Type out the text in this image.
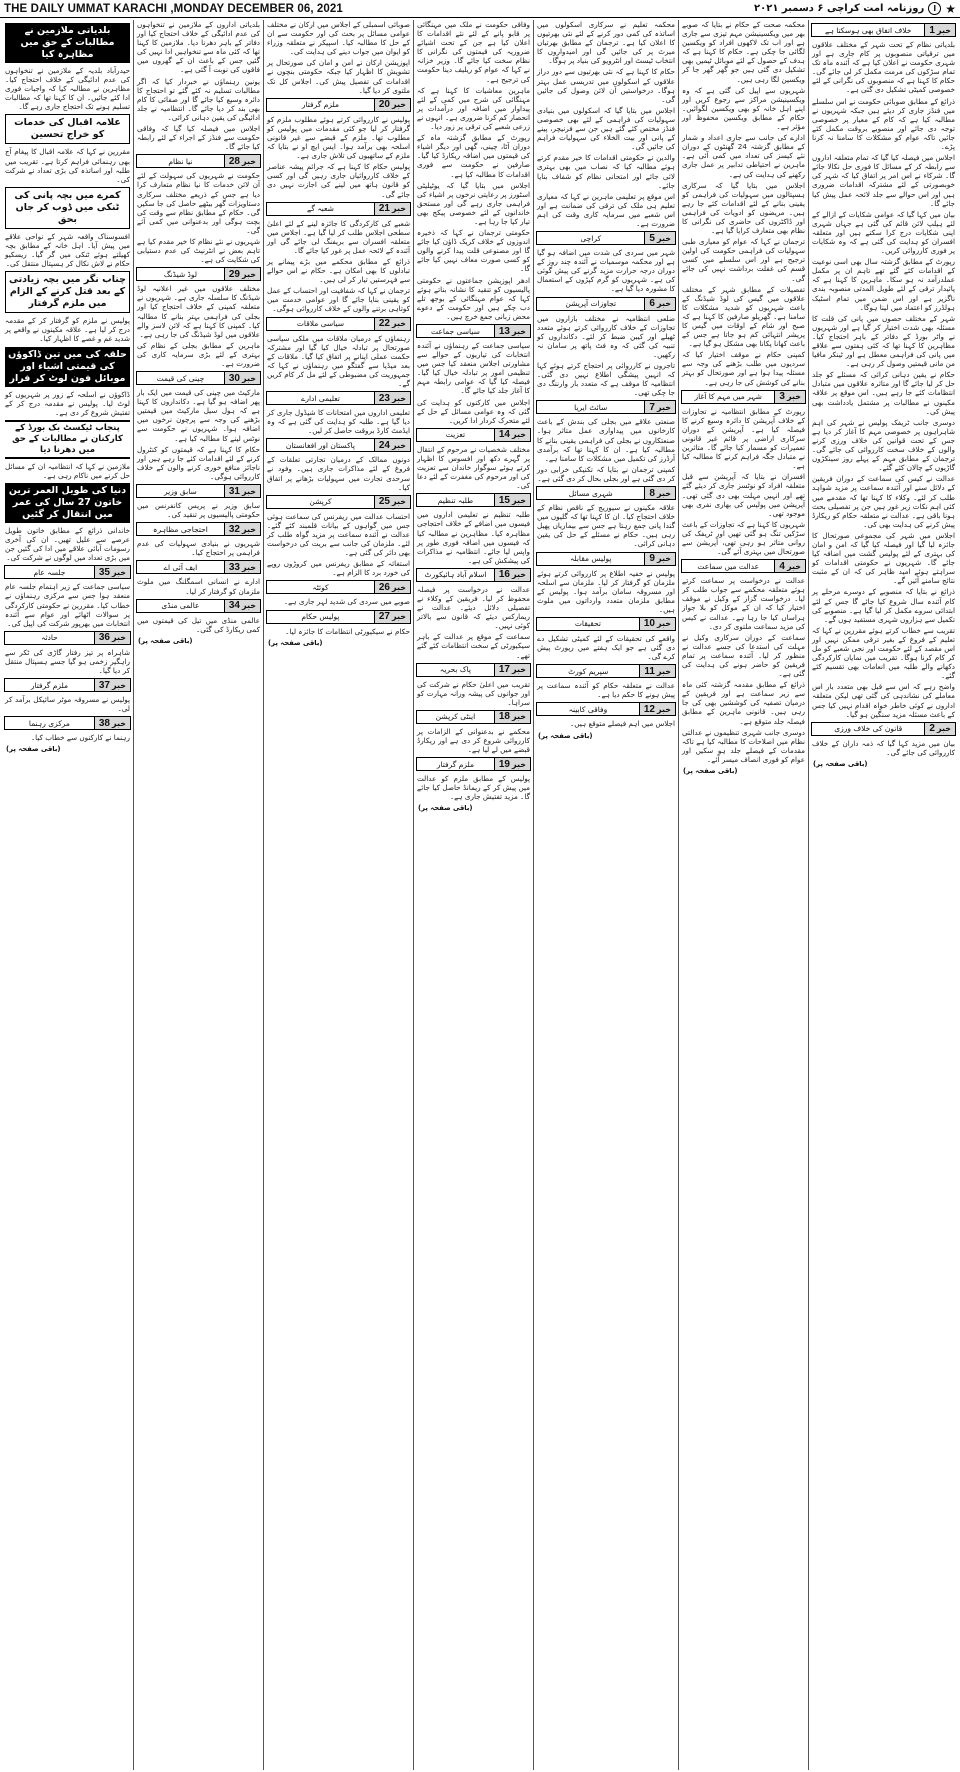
THE DAILY UMMAT KARACHI ,MONDAY DECEMBER 06, 2021	★
ا
روزنامہ امت کراچی ۶ دسمبر ۲۰۲۱
خبر
1
خلاف اتفاق بھی ہوسکتا ہے
بلدیاتی نظام کے تحت شہر کے مختلف علاقوں میں ترقیاتی منصوبوں پر کام جاری ہے اور شہری حکومت نے اعلان کیا ہے کہ آئندہ ماہ تک تمام سڑکوں کی مرمت مکمل کر لی جائے گی۔ حکام کا کہنا ہے کہ منصوبوں کی نگرانی کے لئے خصوصی کمیٹی تشکیل دی گئی ہے۔
ذرائع کے مطابق صوبائی حکومت نے اس سلسلے میں فنڈز جاری کر دیئے ہیں جبکہ شہریوں نے مطالبہ کیا ہے کہ کام کے معیار پر خصوصی توجہ دی جائے اور منصوبے بروقت مکمل کئے جائیں تاکہ عوام کو مشکلات کا سامنا نہ کرنا پڑے۔
اجلاس میں فیصلہ کیا گیا کہ تمام متعلقہ اداروں سے رابطہ کر کے مسائل کا فوری حل نکالا جائے گا۔ شرکاء نے اس امر پر اتفاق کیا کہ شہر کی خوبصورتی کے لئے مشترکہ اقدامات ضروری ہیں اور اس حوالے سے جلد لائحہ عمل پیش کیا جائے گا۔
بیان میں کہا گیا کہ عوامی شکایات کے ازالے کے لئے ہیلپ لائن قائم کی گئی ہے جہاں شہری اپنی شکایات درج کرا سکتے ہیں اور متعلقہ افسران کو ہدایت کی گئی ہے کہ وہ شکایات پر فوری کارروائی کریں۔
رپورٹ کے مطابق گزشتہ سال بھی اسی نوعیت کے اقدامات کئے گئے تھے تاہم ان پر مکمل عملدرآمد نہ ہو سکا۔ ماہرین کا کہنا ہے کہ پائیدار ترقی کے لئے طویل المدتی منصوبہ بندی ناگزیر ہے اور اس ضمن میں تمام اسٹیک ہولڈرز کو اعتماد میں لینا ہوگا۔
شہر کے مختلف حصوں میں پانی کی قلت کا مسئلہ بھی شدت اختیار کر گیا ہے اور شہریوں نے واٹر بورڈ کے دفاتر کے باہر احتجاج کیا۔ مظاہرین کا کہنا تھا کہ کئی ہفتوں سے علاقے میں پانی کی فراہمی معطل ہے اور ٹینکر مافیا من مانی قیمتیں وصول کر رہی ہے۔
حکام نے یقین دہانی کرائی کہ مسئلے کو جلد حل کر لیا جائے گا اور متاثرہ علاقوں میں متبادل انتظامات کئے جا رہے ہیں۔ اس موقع پر علاقہ مکینوں نے مطالبات پر مشتمل یادداشت بھی پیش کی۔
دوسری جانب ٹریفک پولیس نے شہر کی اہم شاہراہوں پر خصوصی مہم کا آغاز کر دیا ہے جس کے تحت قوانین کی خلاف ورزی کرنے والوں کے خلاف سخت کارروائی کی جائے گی۔ ترجمان کے مطابق مہم کے پہلے روز سینکڑوں گاڑیوں کے چالان کئے گئے۔
عدالت نے کیس کی سماعت کے دوران فریقین کے دلائل سنے اور آئندہ سماعت پر مزید شواہد طلب کر لئے۔ وکلاء کا کہنا تھا کہ مقدمے میں کئی اہم نکات زیر غور ہیں جن پر تفصیلی بحث ہونا باقی ہے۔ عدالت نے متعلقہ حکام کو ریکارڈ پیش کرنے کی ہدایت بھی کی۔
اجلاس میں شہر کی مجموعی صورتحال کا جائزہ لیا گیا اور فیصلہ کیا گیا کہ امن و امان کی بہتری کے لئے پولیس گشت میں اضافہ کیا جائے گا۔ شہریوں نے حکومتی اقدامات کو سراہتے ہوئے امید ظاہر کی کہ ان کے مثبت نتائج سامنے آئیں گے۔
ذرائع نے بتایا کہ منصوبے کے دوسرے مرحلے پر کام آئندہ سال شروع کیا جائے گا جس کے لئے ابتدائی سروے مکمل کر لیا گیا ہے۔ منصوبے کی تکمیل سے ہزاروں شہری مستفید ہوں گے۔
تقریب سے خطاب کرتے ہوئے مقررین نے کہا کہ تعلیم کے فروغ کے بغیر ترقی ممکن نہیں اور اس مقصد کے لئے حکومت اور نجی شعبے کو مل کر کام کرنا ہوگا۔ تقریب میں نمایاں کارکردگی دکھانے والے طلبہ میں انعامات بھی تقسیم کئے گئے۔
واضح رہے کہ اس سے قبل بھی متعدد بار اس معاملے کی نشاندہی کی گئی تھی لیکن متعلقہ اداروں نے کوئی خاطر خواہ اقدام نہیں کیا جس کے باعث مسئلہ مزید سنگین ہو گیا۔
خبر
2
قانون کی خلاف ورزی
بیان میں مزید کہا گیا کہ ذمہ داران کے خلاف کارروائی کی جائے گی۔
(باقی صفحہ پر)
محکمہ صحت کے حکام نے بتایا کہ صوبے بھر میں ویکسینیشن مہم تیزی سے جاری ہے اور اب تک لاکھوں افراد کو ویکسین لگائی جا چکی ہے۔ حکام کا کہنا ہے کہ ہدف کے حصول کے لئے موبائل ٹیمیں بھی تشکیل دی گئی ہیں جو گھر گھر جا کر ویکسین لگا رہی ہیں۔
شہریوں سے اپیل کی گئی ہے کہ وہ ویکسینیشن مراکز سے رجوع کریں اور اپنے اہل خانہ کو بھی ویکسین لگوائیں۔ حکام کے مطابق ویکسین محفوظ اور مؤثر ہے۔
ادارے کی جانب سے جاری اعداد و شمار کے مطابق گزشتہ 24 گھنٹوں کے دوران نئے کیسز کی تعداد میں کمی آئی ہے۔ ماہرین نے احتیاطی تدابیر پر عمل جاری رکھنے کی ہدایت کی ہے۔
اجلاس میں بتایا گیا کہ سرکاری ہسپتالوں میں سہولیات کی فراہمی کو یقینی بنانے کے لئے اقدامات کئے جا رہے ہیں۔ مریضوں کو ادویات کی فراہمی اور ڈاکٹروں کی حاضری کی نگرانی کا نظام بھی متعارف کرایا گیا ہے۔
ترجمان نے کہا کہ عوام کو معیاری طبی سہولیات کی فراہمی حکومت کی اولین ترجیح ہے اور اس سلسلے میں کسی قسم کی غفلت برداشت نہیں کی جائے گی۔
تفصیلات کے مطابق شہر کے مختلف علاقوں میں گیس کی لوڈ شیڈنگ کے باعث شہریوں کو شدید مشکلات کا سامنا ہے۔ گھریلو صارفین کا کہنا ہے کہ صبح اور شام کے اوقات میں گیس کا پریشر انتہائی کم ہو جاتا ہے جس کے باعث کھانا پکانا بھی مشکل ہو گیا ہے۔
کمپنی حکام نے موقف اختیار کیا کہ سردیوں میں طلب بڑھنے کی وجہ سے مسئلہ پیدا ہوا ہے اور صورتحال کو بہتر بنانے کی کوشش کی جا رہی ہے۔
خبر
3
شہر میں مہم کا آغاز
رپورٹ کے مطابق انتظامیہ نے تجاوزات کے خلاف آپریشن کا دائرہ وسیع کرنے کا فیصلہ کیا ہے۔ آپریشن کے دوران سرکاری اراضی پر قائم غیر قانونی تعمیرات کو مسمار کیا جائے گا۔ متاثرین نے متبادل جگہ فراہم کرنے کا مطالبہ کیا ہے۔
افسران نے بتایا کہ آپریشن سے قبل متعلقہ افراد کو نوٹسز جاری کر دیئے گئے تھے اور انہیں مہلت بھی دی گئی تھی۔ آپریشن میں پولیس کی بھاری نفری بھی موجود تھی۔
شہریوں کا کہنا ہے کہ تجاوزات کے باعث سڑکیں تنگ ہو گئی تھیں اور ٹریفک کی روانی متاثر ہو رہی تھی، آپریشن سے صورتحال میں بہتری آئے گی۔
خبر
4
عدالت میں سماعت
عدالت نے درخواست پر سماعت کرتے ہوئے متعلقہ محکمے سے جواب طلب کر لیا۔ درخواست گزار کے وکیل نے موقف اختیار کیا کہ ان کے موکل کو بلا جواز ہراساں کیا جا رہا ہے۔ عدالت نے کیس کی مزید سماعت ملتوی کر دی۔
سماعت کے دوران سرکاری وکیل نے مہلت کی استدعا کی جسے عدالت نے منظور کر لیا۔ آئندہ سماعت پر تمام فریقین کو حاضر ہونے کی ہدایت کی گئی ہے۔
ذرائع کے مطابق مقدمہ گزشتہ کئی ماہ سے زیر سماعت ہے اور فریقین کے درمیان تصفیہ کی کوششیں بھی کی جا رہی ہیں۔ قانونی ماہرین کے مطابق فیصلہ جلد متوقع ہے۔
دوسری جانب شہری تنظیموں نے عدالتی نظام میں اصلاحات کا مطالبہ کیا ہے تاکہ مقدمات کے فیصلے جلد ہو سکیں اور عوام کو فوری انصاف میسر آئے۔
(باقی صفحہ پر)
محکمہ تعلیم نے سرکاری اسکولوں میں اساتذہ کی کمی دور کرنے کے لئے نئی بھرتیوں کا اعلان کیا ہے۔ ترجمان کے مطابق بھرتیاں میرٹ پر کی جائیں گی اور امیدواروں کا انتخاب ٹیسٹ اور انٹرویو کی بنیاد پر ہوگا۔
حکام کا کہنا ہے کہ نئی بھرتیوں سے دور دراز علاقوں کے اسکولوں میں تدریسی عمل بہتر ہوگا۔ درخواستیں آن لائن وصول کی جائیں گی۔
اجلاس میں بتایا گیا کہ اسکولوں میں بنیادی سہولیات کی فراہمی کے لئے بھی خصوصی فنڈز مختص کئے گئے ہیں جن سے فرنیچر، پینے کے پانی اور بیت الخلاء کی سہولیات فراہم کی جائیں گی۔
والدین نے حکومتی اقدامات کا خیر مقدم کرتے ہوئے مطالبہ کیا کہ نصاب میں بھی بہتری لائی جائے اور امتحانی نظام کو شفاف بنایا جائے۔
اس موقع پر تعلیمی ماہرین نے کہا کہ معیاری تعلیم ہی ملک کی ترقی کی ضمانت ہے اور اس شعبے میں سرمایہ کاری وقت کی اہم ضرورت ہے۔
خبر
5
کراچی
شہر میں سردی کی شدت میں اضافہ ہو گیا ہے اور محکمہ موسمیات نے آئندہ چند روز کے دوران درجہ حرارت مزید گرنے کی پیش گوئی کی ہے۔ شہریوں کو گرم کپڑوں کے استعمال کا مشورہ دیا گیا ہے۔
خبر
6
تجاوزات آپریشن
ضلعی انتظامیہ نے مختلف بازاروں میں تجاوزات کے خلاف کارروائی کرتے ہوئے متعدد ٹھیلے اور کیبن ضبط کر لئے۔ دکانداروں کو تنبیہ کی گئی کہ وہ فٹ پاتھ پر سامان نہ رکھیں۔
تاجروں نے کارروائی پر احتجاج کرتے ہوئے کہا کہ انہیں پیشگی اطلاع نہیں دی گئی۔ انتظامیہ کا موقف ہے کہ متعدد بار وارننگ دی جا چکی تھی۔
خبر
7
سائٹ ایریا
صنعتی علاقے میں بجلی کی بندش کے باعث کارخانوں میں پیداواری عمل متاثر ہوا۔ صنعتکاروں نے بجلی کی فراہمی یقینی بنانے کا مطالبہ کیا ہے۔ ان کا کہنا تھا کہ برآمدی آرڈرز کی تکمیل میں مشکلات کا سامنا ہے۔
کمپنی ترجمان نے بتایا کہ تکنیکی خرابی دور کر دی گئی ہے اور بجلی بحال کر دی گئی ہے۔
خبر
8
شہری مسائل
علاقہ مکینوں نے سیوریج کے ناقص نظام کے خلاف احتجاج کیا۔ ان کا کہنا تھا کہ گلیوں میں گندا پانی جمع رہتا ہے جس سے بیماریاں پھیل رہی ہیں۔ حکام نے مسئلے کے حل کی یقین دہانی کرائی۔
خبر
9
پولیس مقابلہ
پولیس نے خفیہ اطلاع پر کارروائی کرتے ہوئے ملزمان کو گرفتار کر لیا۔ ملزمان سے اسلحہ اور مسروقہ سامان برآمد ہوا۔ پولیس کے مطابق ملزمان متعدد وارداتوں میں ملوث ہیں۔
خبر
10
تحقیقات
واقعے کی تحقیقات کے لئے کمیٹی تشکیل دے دی گئی ہے جو ایک ہفتے میں رپورٹ پیش کرے گی۔
خبر
11
سپریم کورٹ
عدالت نے متعلقہ حکام کو آئندہ سماعت پر پیش ہونے کا حکم دیا ہے۔
خبر
12
وفاقی کابینہ
اجلاس میں اہم فیصلے متوقع ہیں۔
(باقی صفحہ پر)
وفاقی حکومت نے ملک میں مہنگائی پر قابو پانے کے لئے نئے اقدامات کا اعلان کیا ہے جن کے تحت اشیائے ضروریہ کی قیمتوں کی نگرانی کا نظام سخت کیا جائے گا۔ وزیر خزانہ نے کہا کہ عوام کو ریلیف دینا حکومت کی ترجیح ہے۔
ماہرین معاشیات کا کہنا ہے کہ مہنگائی کی شرح میں کمی کے لئے پیداوار میں اضافہ اور درآمدات پر انحصار کم کرنا ضروری ہے۔ انہوں نے زرعی شعبے کی ترقی پر زور دیا۔
رپورٹ کے مطابق گزشتہ ماہ کے دوران آٹا، چینی، گھی اور دیگر اشیاء کی قیمتوں میں اضافہ ریکارڈ کیا گیا۔ صارفین نے حکومت سے فوری اقدامات کا مطالبہ کیا ہے۔
اجلاس میں بتایا گیا کہ یوٹیلیٹی اسٹورز پر رعایتی نرخوں پر اشیاء کی فراہمی جاری رہے گی اور مستحق خاندانوں کے لئے خصوصی پیکج بھی تیار کیا جا رہا ہے۔
حکومتی ترجمان نے کہا کہ ذخیرہ اندوزوں کے خلاف کریک ڈاؤن کیا جائے گا اور مصنوعی قلت پیدا کرنے والوں کو کسی صورت معاف نہیں کیا جائے گا۔
ادھر اپوزیشن جماعتوں نے حکومتی پالیسیوں کو تنقید کا نشانہ بناتے ہوئے کہا کہ عوام مہنگائی کے بوجھ تلے دب چکے ہیں اور حکومت کے دعوے محض زبانی جمع خرچ ہیں۔
خبر
13
سیاسی جماعت
سیاسی جماعت کے رہنماؤں نے آئندہ انتخابات کی تیاریوں کے حوالے سے مشاورتی اجلاس منعقد کیا جس میں تنظیمی امور پر تبادلہ خیال کیا گیا۔ فیصلہ کیا گیا کہ عوامی رابطہ مہم کا آغاز جلد کیا جائے گا۔
اجلاس میں کارکنوں کو ہدایت کی گئی کہ وہ عوامی مسائل کے حل کے لئے متحرک کردار ادا کریں۔
خبر
14
تعزیت
مختلف شخصیات نے مرحوم کے انتقال پر گہرے دکھ اور افسوس کا اظہار کرتے ہوئے سوگوار خاندان سے تعزیت کی اور مرحوم کی مغفرت کے لئے دعا کی۔
خبر
15
طلبہ تنظیم
طلبہ تنظیم نے تعلیمی اداروں میں فیسوں میں اضافے کے خلاف احتجاجی مظاہرہ کیا۔ مظاہرین نے مطالبہ کیا کہ فیسوں میں اضافہ فوری طور پر واپس لیا جائے۔ انتظامیہ نے مذاکرات کی پیشکش کی ہے۔
خبر
16
اسلام آباد ہائیکورٹ
عدالت نے درخواست پر فیصلہ محفوظ کر لیا۔ فریقین کے وکلاء نے تفصیلی دلائل دیئے۔ عدالت نے ریمارکس دیئے کہ قانون سے بالاتر کوئی نہیں۔
سماعت کے موقع پر عدالت کے باہر سیکیورٹی کے سخت انتظامات کئے گئے تھے۔
خبر
17
پاک بحریہ
تقریب میں اعلیٰ حکام نے شرکت کی اور جوانوں کی پیشہ ورانہ مہارت کو سراہا۔
خبر
18
اینٹی کرپشن
محکمے نے بدعنوانی کے الزامات پر کارروائی شروع کر دی ہے اور ریکارڈ قبضے میں لے لیا ہے۔
خبر
19
ملزم گرفتار
پولیس کے مطابق ملزم کو عدالت میں پیش کر کے ریمانڈ حاصل کیا جائے گا۔ مزید تفتیش جاری ہے۔
(باقی صفحہ پر)
صوبائی اسمبلی کے اجلاس میں ارکان نے مختلف عوامی مسائل پر بحث کی اور حکومت سے ان کے حل کا مطالبہ کیا۔ اسپیکر نے متعلقہ وزراء کو ایوان میں جواب دینے کی ہدایت کی۔
اپوزیشن ارکان نے امن و امان کی صورتحال پر تشویش کا اظہار کیا جبکہ حکومتی بنچوں نے اقدامات کی تفصیل پیش کی۔ اجلاس کل تک ملتوی کر دیا گیا۔
خبر
20
ملزم گرفتار
پولیس نے کارروائی کرتے ہوئے مطلوب ملزم کو گرفتار کر لیا جو کئی مقدمات میں پولیس کو مطلوب تھا۔ ملزم کے قبضے سے غیر قانونی اسلحہ بھی برآمد ہوا۔ ایس ایچ او نے بتایا کہ ملزم کے ساتھیوں کی تلاش جاری ہے۔
پولیس حکام کا کہنا ہے کہ جرائم پیشہ عناصر کے خلاف کارروائیاں جاری رہیں گی اور کسی کو قانون ہاتھ میں لینے کی اجازت نہیں دی جائے گی۔
خبر
21
شعبہ گے
شعبے کی کارکردگی کا جائزہ لینے کے لئے اعلیٰ سطحی اجلاس طلب کر لیا گیا ہے۔ اجلاس میں متعلقہ افسران سے بریفنگ لی جائے گی اور آئندہ کے لائحہ عمل پر غور کیا جائے گا۔
ذرائع کے مطابق محکمے میں بڑے پیمانے پر تبادلوں کا بھی امکان ہے۔ حکام نے اس حوالے سے فہرستیں تیار کر لی ہیں۔
ترجمان نے کہا کہ شفافیت اور احتساب کے عمل کو یقینی بنایا جائے گا اور عوامی خدمت میں کوتاہی برتنے والوں کے خلاف کارروائی ہوگی۔
خبر
22
سیاسی ملاقات
رہنماؤں کے درمیان ملاقات میں ملکی سیاسی صورتحال پر تبادلہ خیال کیا گیا اور مشترکہ حکمت عملی اپنانے پر اتفاق کیا گیا۔ ملاقات کے بعد میڈیا سے گفتگو میں رہنماؤں نے کہا کہ جمہوریت کی مضبوطی کے لئے مل کر کام کریں گے۔
خبر
23
تعلیمی ادارے
تعلیمی اداروں میں امتحانات کا شیڈول جاری کر دیا گیا ہے۔ طلبہ کو ہدایت کی گئی ہے کہ وہ ایڈمٹ کارڈ بروقت حاصل کر لیں۔
خبر
24
پاکستان اور افغانستان
دونوں ممالک کے درمیان تجارتی تعلقات کے فروغ کے لئے مذاکرات جاری ہیں۔ وفود نے سرحدی تجارت میں سہولیات بڑھانے پر اتفاق کیا۔
خبر
25
کرپشن
احتساب عدالت میں ریفرنس کی سماعت ہوئی جس میں گواہوں کے بیانات قلمبند کئے گئے۔ عدالت نے آئندہ سماعت پر مزید گواہ طلب کر لئے۔ ملزمان کی جانب سے بریت کی درخواست بھی دائر کی گئی ہے۔
استغاثہ کے مطابق ریفرنس میں کروڑوں روپے کی خورد برد کا الزام ہے۔
خبر
26
کوئٹہ
صوبے میں سردی کی شدید لہر جاری ہے۔
خبر
27
پولیس حکام
حکام نے سیکیورٹی انتظامات کا جائزہ لیا۔
(باقی صفحہ پر)
بلدیاتی اداروں کے ملازمین نے تنخواہوں کی عدم ادائیگی کے خلاف احتجاج کیا اور دفاتر کے باہر دھرنا دیا۔ ملازمین کا کہنا تھا کہ کئی ماہ سے تنخواہیں ادا نہیں کی گئیں جس کے باعث ان کے گھروں میں فاقوں کی نوبت آ گئی ہے۔
یونین رہنماؤں نے خبردار کیا کہ اگر مطالبات تسلیم نہ کئے گئے تو احتجاج کا دائرہ وسیع کیا جائے گا اور صفائی کا کام بھی بند کر دیا جائے گا۔ انتظامیہ نے جلد ادائیگی کی یقین دہانی کرائی۔
اجلاس میں فیصلہ کیا گیا کہ وفاقی حکومت سے فنڈز کے اجراء کے لئے رابطہ کیا جائے گا۔
خبر
28
نیا نظام
حکومت نے شہریوں کی سہولت کے لئے آن لائن خدمات کا نیا نظام متعارف کرا دیا ہے جس کے ذریعے مختلف سرکاری دستاویزات گھر بیٹھے حاصل کی جا سکیں گی۔ حکام کے مطابق نظام سے وقت کی بچت ہوگی اور بدعنوانی میں کمی آئے گی۔
شہریوں نے نئے نظام کا خیر مقدم کیا ہے تاہم بعض نے انٹرنیٹ کی عدم دستیابی کی شکایت کی ہے۔
خبر
29
لوڈ شیڈنگ
مختلف علاقوں میں غیر اعلانیہ لوڈ شیڈنگ کا سلسلہ جاری ہے۔ شہریوں نے متعلقہ کمپنی کے خلاف احتجاج کیا اور بجلی کی فراہمی بہتر بنانے کا مطالبہ کیا۔ کمپنی کا کہنا ہے کہ لائن لاسز والے علاقوں میں لوڈ شیڈنگ کی جا رہی ہے۔
ماہرین کے مطابق بجلی کے نظام کی بہتری کے لئے بڑی سرمایہ کاری کی ضرورت ہے۔
خبر
30
چینی کی قیمت
مارکیٹ میں چینی کی قیمت میں ایک بار پھر اضافہ ہو گیا ہے۔ دکانداروں کا کہنا ہے کہ ہول سیل مارکیٹ میں قیمتیں بڑھنے کی وجہ سے پرچون نرخوں میں اضافہ ہوا۔ شہریوں نے حکومت سے نوٹس لینے کا مطالبہ کیا ہے۔
حکام کا کہنا ہے کہ قیمتوں کو کنٹرول کرنے کے لئے اقدامات کئے جا رہے ہیں اور ناجائز منافع خوری کرنے والوں کے خلاف کارروائی ہوگی۔
خبر
31
سابق وزیر
سابق وزیر نے پریس کانفرنس میں حکومتی پالیسیوں پر تنقید کی۔
خبر
32
احتجاجی مظاہرہ
شہریوں نے بنیادی سہولیات کی عدم فراہمی پر احتجاج کیا۔
خبر
33
ایف آئی اے
ادارے نے انسانی اسمگلنگ میں ملوث ملزمان کو گرفتار کر لیا۔
خبر
34
عالمی منڈی
عالمی منڈی میں تیل کی قیمتوں میں کمی ریکارڈ کی گئی۔
(باقی صفحہ پر)
بلدیاتی ملازمین نے مطالبات کے حق میں مظاہرہ کیا
حیدرآباد بلدیہ کے ملازمین نے تنخواہوں کی عدم ادائیگی کے خلاف احتجاج کیا۔ مظاہرین نے مطالبہ کیا کہ واجبات فوری ادا کئے جائیں۔ ان کا کہنا تھا کہ مطالبات تسلیم ہونے تک احتجاج جاری رہے گا۔
علامہ اقبال کی خدمات کو خراج تحسین
مقررین نے کہا کہ علامہ اقبال کا پیغام آج بھی رہنمائی فراہم کرتا ہے۔ تقریب میں طلبہ اور اساتذہ کی بڑی تعداد نے شرکت کی۔
کمرے میں بچہ پانی کی ٹنکی میں ڈوب کر جاں بحق
افسوسناک واقعہ شہر کے نواحی علاقے میں پیش آیا۔ اہل خانہ کے مطابق بچہ کھیلتے ہوئے ٹنکی میں گر گیا۔ ریسکیو حکام نے لاش نکال کر ہسپتال منتقل کی۔
چناب نگر میں بچہ زیادتی کے بعد قتل کرنے کے الزام میں ملزم گرفتار
پولیس نے ملزم کو گرفتار کر کے مقدمہ درج کر لیا ہے۔ علاقہ مکینوں نے واقعے پر شدید غم و غصے کا اظہار کیا۔
حلقہ کی میں تین ڈاکوؤں کی قیمتی اشیاء اور موبائل فون لوٹ کر فرار
ڈاکوؤں نے اسلحہ کے زور پر شہریوں کو لوٹ لیا۔ پولیس نے مقدمہ درج کر کے تفتیش شروع کر دی ہے۔
پنجاب ٹیکسٹ بک بورڈ کے کارکنان نے مطالبات کے حق میں دھرنا دیا
ملازمین نے کہا کہ انتظامیہ ان کے مسائل حل کرنے میں ناکام رہی ہے۔
دنیا کی طویل العمر ترین خاتون 27 سال کی عمر میں انتقال کر گئیں
خاندانی ذرائع کے مطابق خاتون طویل عرصے سے علیل تھیں۔ ان کی آخری رسومات آبائی علاقے میں ادا کی گئیں جن میں بڑی تعداد میں لوگوں نے شرکت کی۔
خبر
35
جلسہ عام
سیاسی جماعت کے زیر اہتمام جلسہ عام منعقد ہوا جس سے مرکزی رہنماؤں نے خطاب کیا۔ مقررین نے حکومتی کارکردگی پر سوالات اٹھائے اور عوام سے آئندہ انتخابات میں بھرپور شرکت کی اپیل کی۔
خبر
36
حادثہ
شاہراہ پر تیز رفتار گاڑی کی ٹکر سے راہگیر زخمی ہو گیا جسے ہسپتال منتقل کر دیا گیا۔
خبر
37
ملزم گرفتار
پولیس نے مسروقہ موٹر سائیکل برآمد کر لی۔
خبر
38
مرکزی رہنما
رہنما نے کارکنوں سے خطاب کیا۔
(باقی صفحہ پر)
